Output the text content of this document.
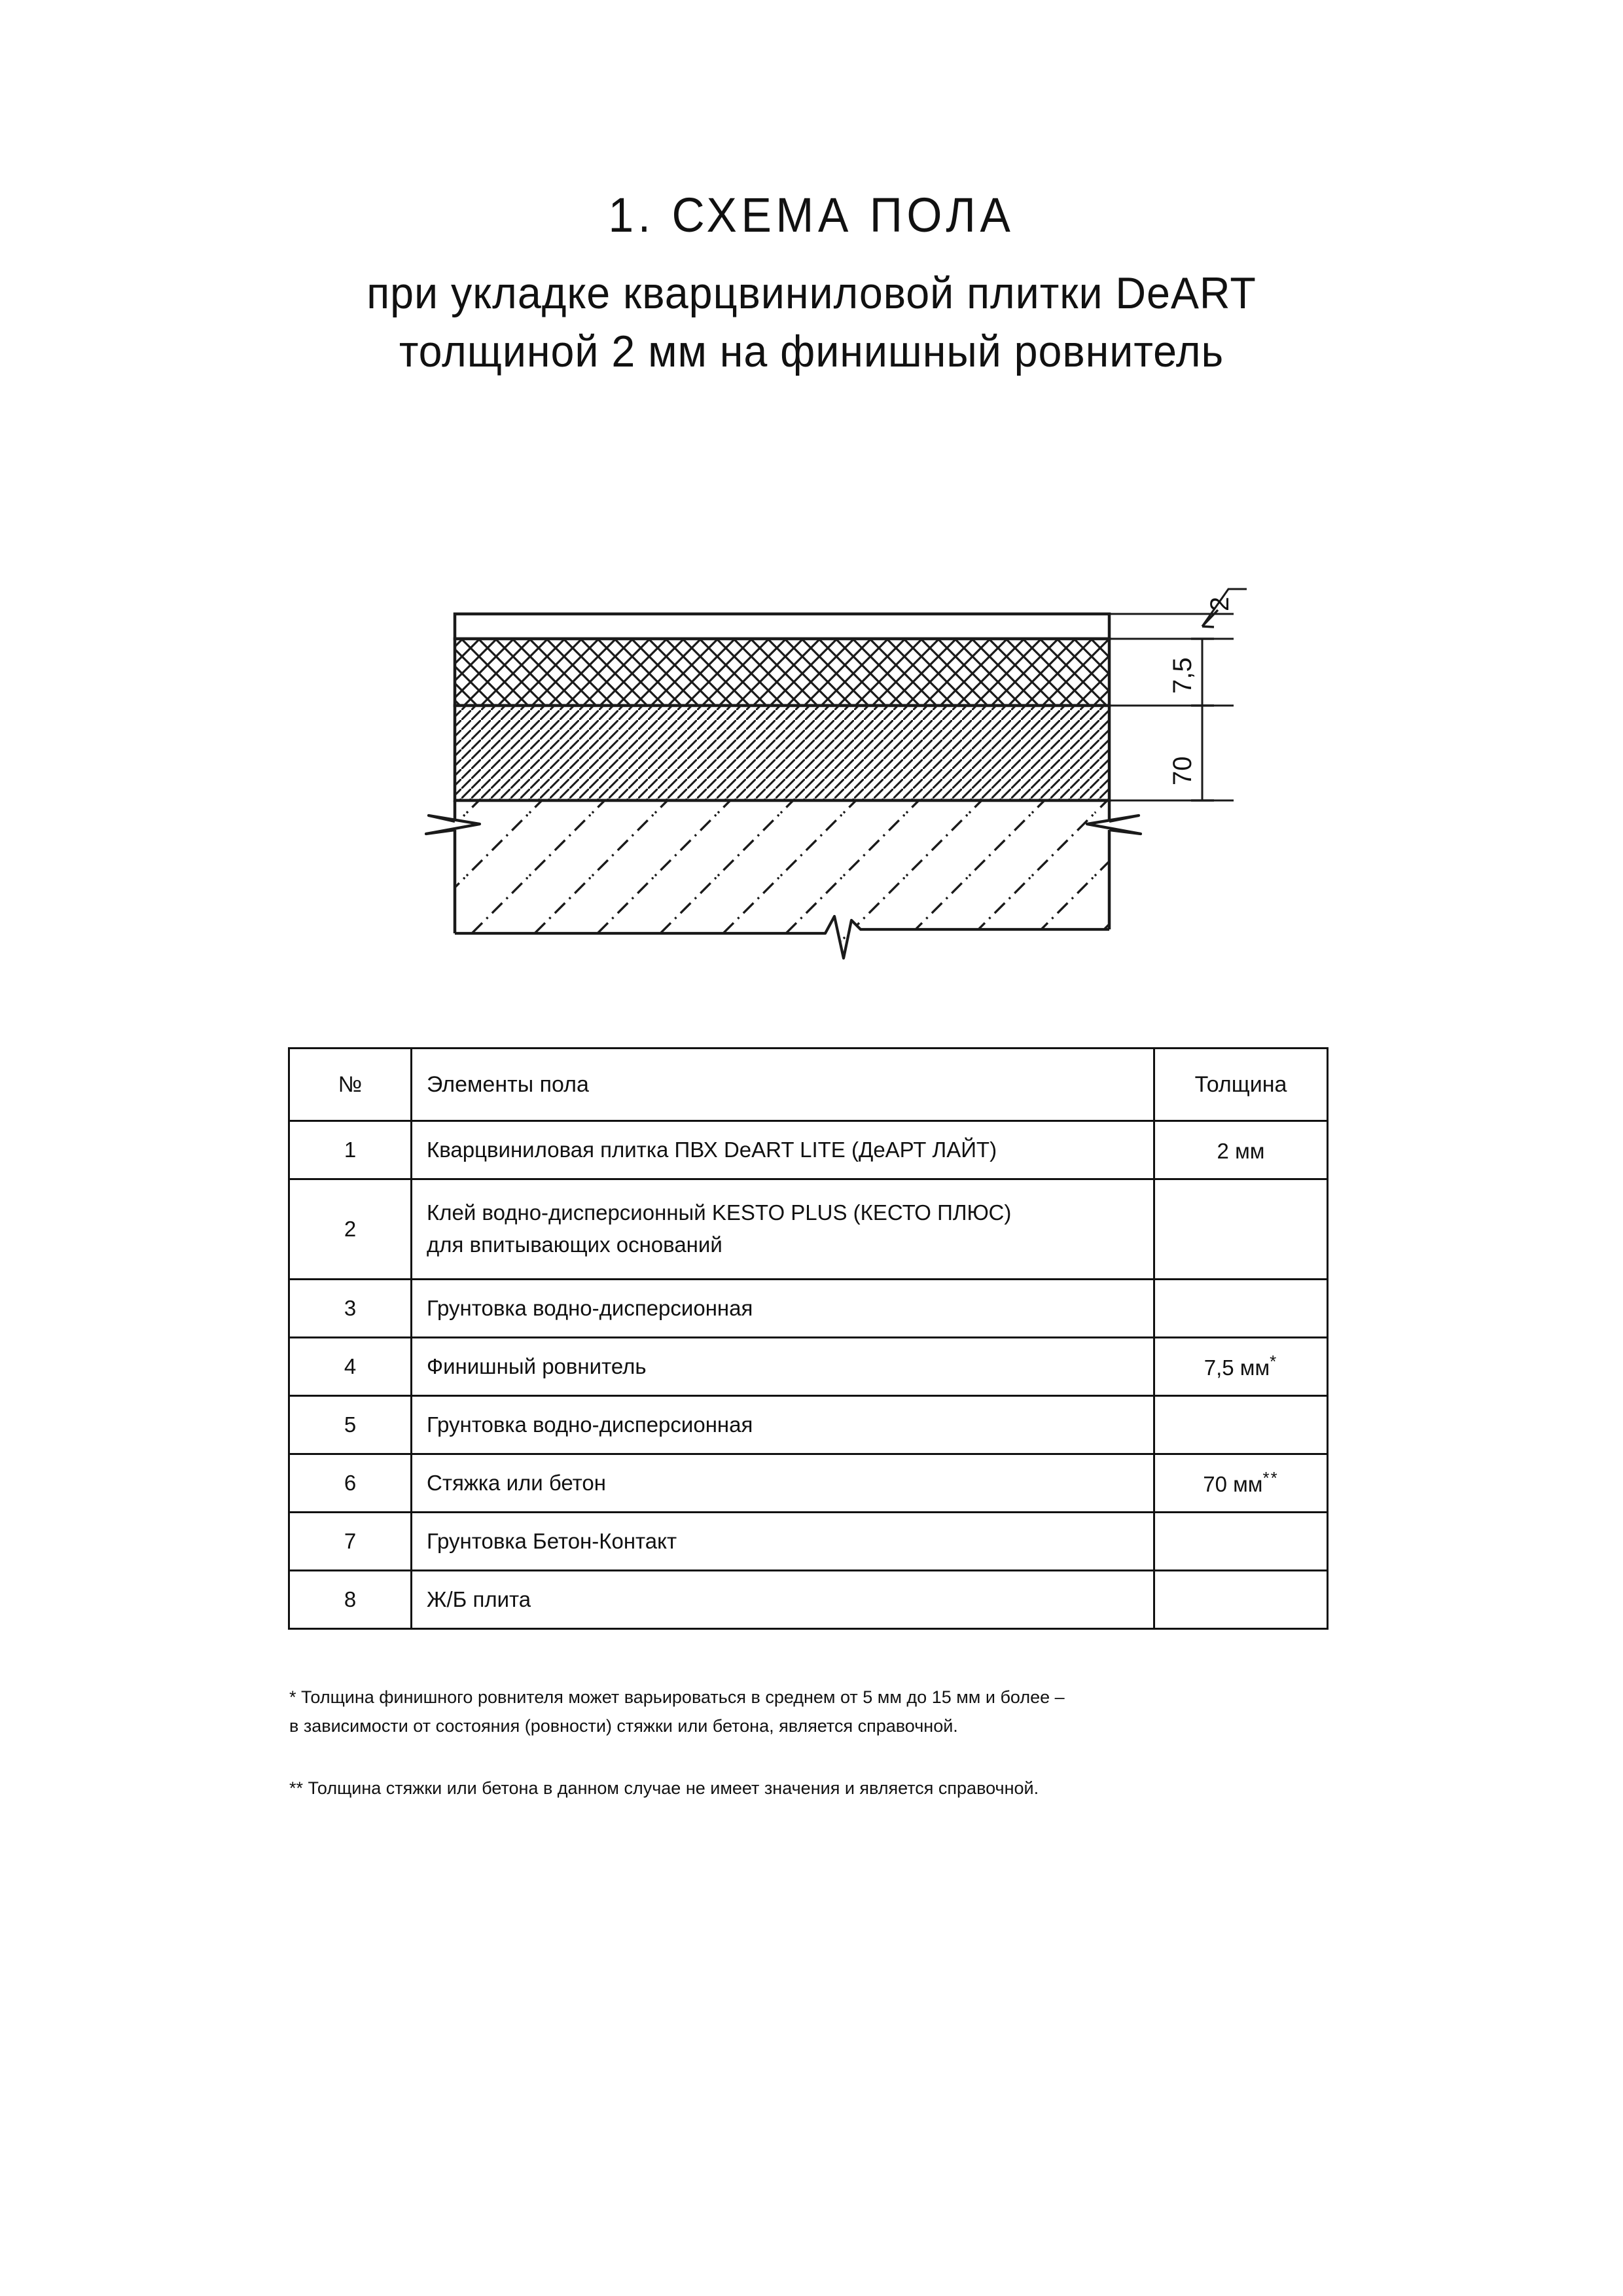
1. СХЕМА ПОЛА
при укладке кварцвиниловой плитки DeART
толщиной 2 мм на финишный ровнитель
2
7,5
70
№	Элементы пола	Толщина
1	Кварцвиниловая плитка ПВХ DeART LITE (ДеАРТ ЛАЙТ)	2 мм
2	Клей водно-дисперсионный KESTO PLUS (КЕСТО ПЛЮС)
для впитывающих оснований	

3	Грунтовка водно-дисперсионная	
4	Финишный ровнитель	7,5 мм*
5	Грунтовка водно-дисперсионная	
6	Стяжка или бетон	70 мм**
7	Грунтовка Бетон-Контакт	
8	Ж/Б плита	
* Толщина финишного ровнителя может варьироваться в среднем от 5 мм до 15 мм и более –
в зависимости от состояния (ровности) стяжки или бетона, является справочной.
** Толщина стяжки или бетона в данном случае не имеет значения и является справочной.
